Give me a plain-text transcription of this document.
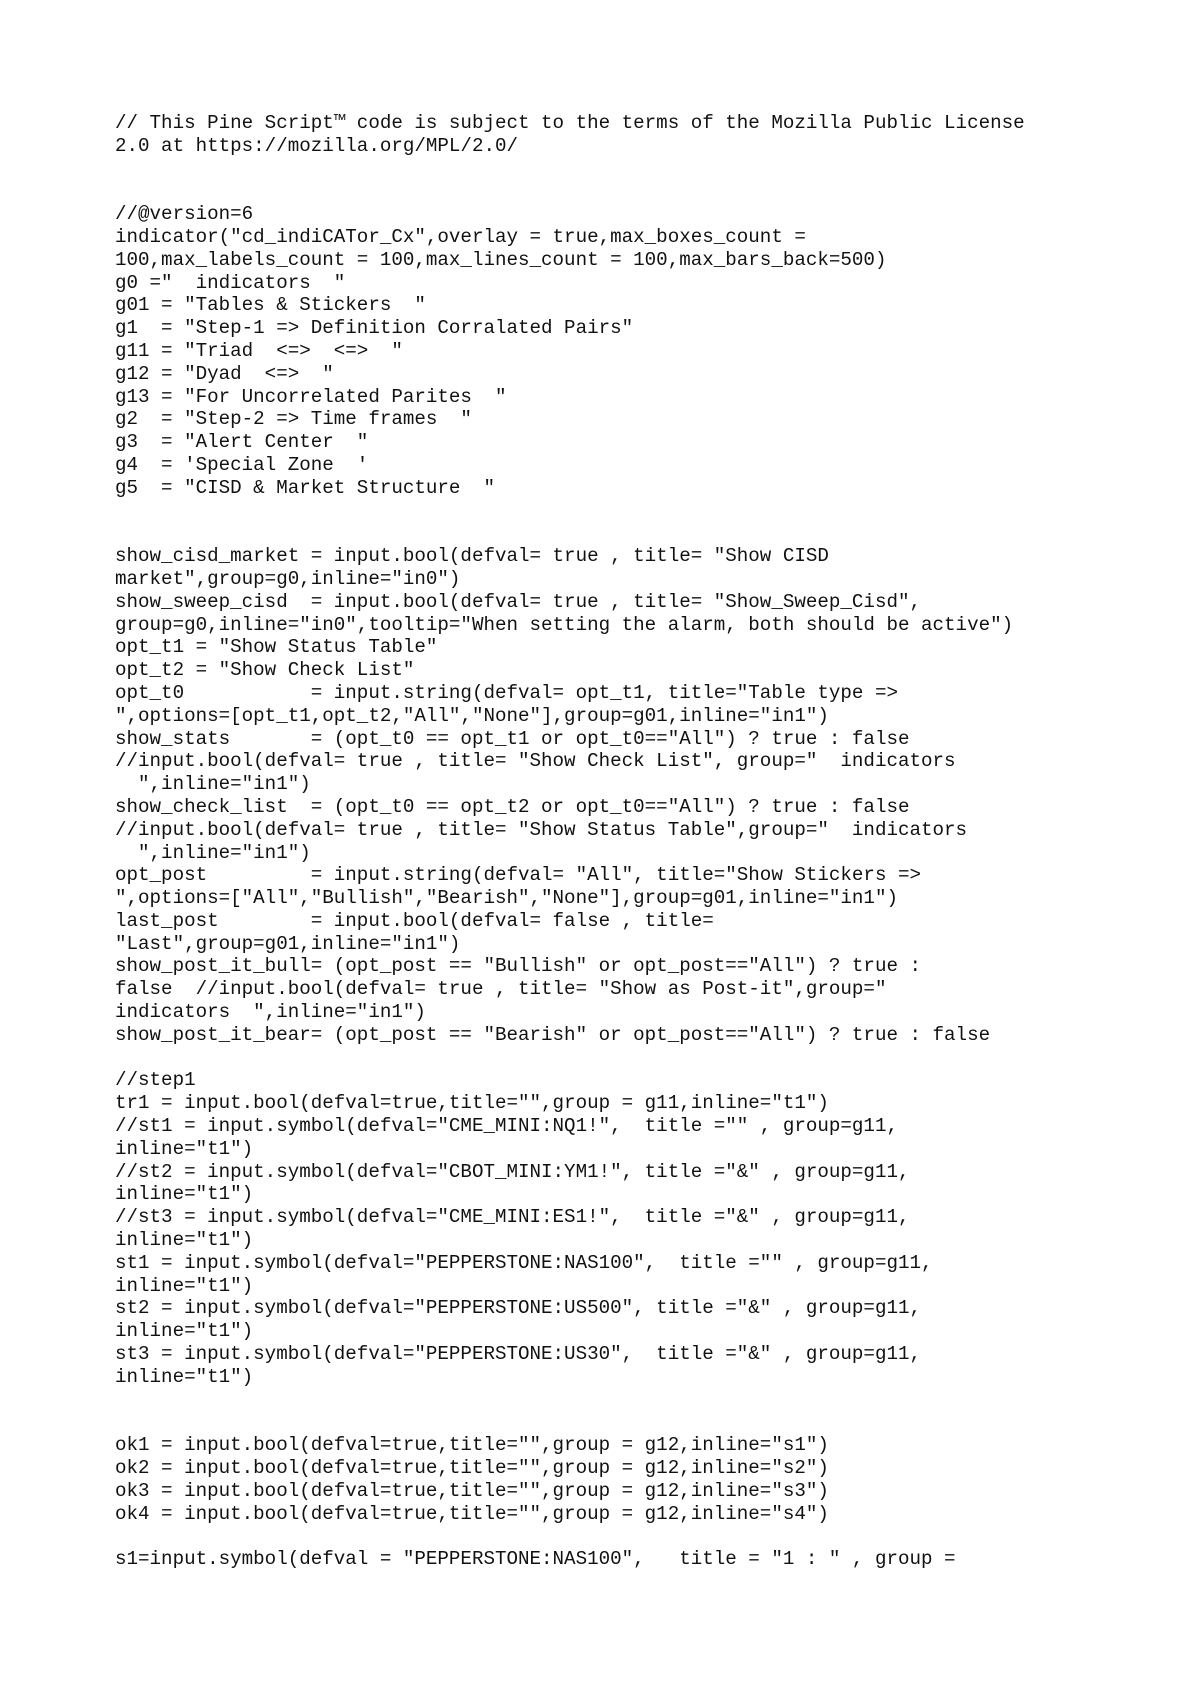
// This Pine Script™ code is subject to the terms of the Mozilla Public License
2.0 at https://mozilla.org/MPL/2.0/
//@version=6
indicator("cd_indiCATor_Cx",overlay = true,max_boxes_count =
100,max_labels_count = 100,max_lines_count = 100,max_bars_back=500)
g0 ="  indicators  "
g01 = "Tables & Stickers  "
g1  = "Step-1 => Definition Corralated Pairs"
g11 = "Triad  <=>  <=>  "
g12 = "Dyad  <=>  "
g13 = "For Uncorrelated Parites  "
g2  = "Step-2 => Time frames  "
g3  = "Alert Center  "
g4  = 'Special Zone  '
g5  = "CISD & Market Structure  "
show_cisd_market = input.bool(defval= true , title= "Show CISD
market",group=g0,inline="in0")
show_sweep_cisd  = input.bool(defval= true , title= "Show_Sweep_Cisd",
group=g0,inline="in0",tooltip="When setting the alarm, both should be active")
opt_t1 = "Show Status Table"
opt_t2 = "Show Check List"
opt_t0           = input.string(defval= opt_t1, title="Table type =>
",options=[opt_t1,opt_t2,"All","None"],group=g01,inline="in1")
show_stats       = (opt_t0 == opt_t1 or opt_t0=="All") ? true : false
//input.bool(defval= true , title= "Show Check List", group="  indicators
",inline="in1")
show_check_list  = (opt_t0 == opt_t2 or opt_t0=="All") ? true : false
//input.bool(defval= true , title= "Show Status Table",group="  indicators
",inline="in1")
opt_post         = input.string(defval= "All", title="Show Stickers =>
",options=["All","Bullish","Bearish","None"],group=g01,inline="in1")
last_post        = input.bool(defval= false , title=
"Last",group=g01,inline="in1")
show_post_it_bull= (opt_post == "Bullish" or opt_post=="All") ? true :
false  //input.bool(defval= true , title= "Show as Post-it",group="
indicators  ",inline="in1")
show_post_it_bear= (opt_post == "Bearish" or opt_post=="All") ? true : false
//step1
tr1 = input.bool(defval=true,title="",group = g11,inline="t1")
//st1 = input.symbol(defval="CME_MINI:NQ1!",  title ="" , group=g11,
inline="t1")
//st2 = input.symbol(defval="CBOT_MINI:YM1!", title ="&" , group=g11,
inline="t1")
//st3 = input.symbol(defval="CME_MINI:ES1!",  title ="&" , group=g11,
inline="t1")
st1 = input.symbol(defval="PEPPERSTONE:NAS100",  title ="" , group=g11,
inline="t1")
st2 = input.symbol(defval="PEPPERSTONE:US500", title ="&" , group=g11,
inline="t1")
st3 = input.symbol(defval="PEPPERSTONE:US30",  title ="&" , group=g11,
inline="t1")
ok1 = input.bool(defval=true,title="",group = g12,inline="s1")
ok2 = input.bool(defval=true,title="",group = g12,inline="s2")
ok3 = input.bool(defval=true,title="",group = g12,inline="s3")
ok4 = input.bool(defval=true,title="",group = g12,inline="s4")
s1=input.symbol(defval = "PEPPERSTONE:NAS100",   title = "1 : " , group =
